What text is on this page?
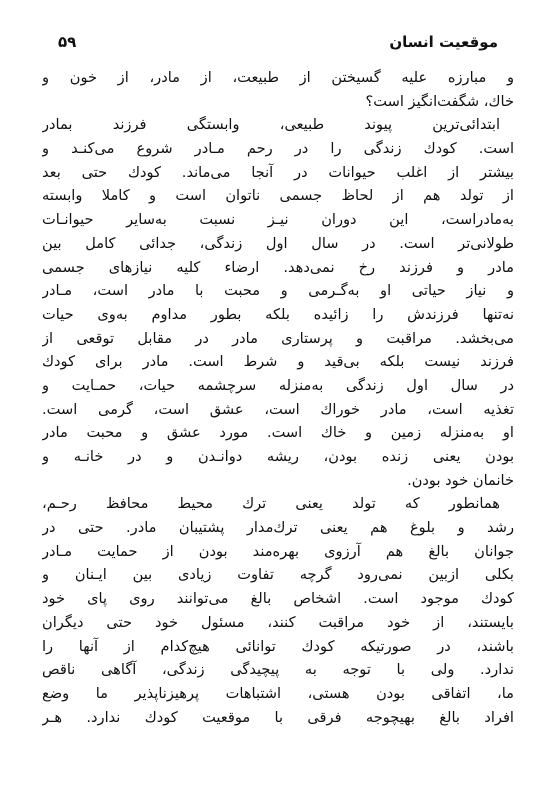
۵۹	موقعیت انسان
و مبارزه علیه گسیختن از طبیعت، از مادر، از خون و
خاك، شگفت‌انگیز است؟
ابتدائی‌ترین پیوند طبیعی، وابستگی فرزند بمادر
است. کودك زندگی را در رحم مـادر شروع می‌کنـد و
بیشتر از اغلب حیوانات در آنجا می‌ماند. کودك حتی بعد
از تولد هم از لحاظ جسمی ناتوان است و کاملا وابسته
به‌مادراست، این دوران نیـز نسبت به‌سایر حیوانـات
طولانی‌تر است. در سال اول زندگی، جدائی کامل بین
مادر و فرزند رخ نمی‌دهد. ارضاء کلیه نیازهای جسمی
و نیاز حیاتی او به‌گـرمی و محبت با مادر است، مـادر
نه‌تنها فرزندش را زائیده بلکه بطور مداوم به‌وی حیات
می‌بخشد. مراقبت و پرستاری مادر در مقابل توقعی از
فرزند نیست بلکه بی‌قید و شرط است. مادر برای کودك
در سال اول زندگی به‌منزله سرچشمه حیات، حمـایت و
تغذیه است، مادر خوراك است، عشق است، گرمی است.
او به‌منزله زمین و خاك است. مورد عشق و محبت مادر
بودن یعنی زنده بودن، ریشه دوانـدن و در خانـه و
خانمان خود بودن.
همانطور که تولد یعنی ترك محیط محافظ رحـم،
رشد و بلوغ هم یعنی ترك‌مدار پشتیبان مادر. حتی در
جوانان بالغ هم آرزوی بهره‌مند بودن از حمایت مـادر
بکلی ازبین نمی‌رود گرچه تفاوت زیادی بین ایـنان و
کودك موجود است. اشخاص بالغ می‌توانند روی پای خود
بایستند، از خود مراقبت کنند، مسئول خود حتی دیگران
باشند، در صورتیکه کودك توانائی هیچ‌کدام از آنها را
ندارد. ولی با توجه به پیچیدگی زندگی، آگاهی ناقص
ما، اتفاقی بودن هستی، اشتباهات پرهیزناپذیر ما وضع
افراد بالغ بهیچوجه فرقی با موقعیت کودك ندارد. هـر
